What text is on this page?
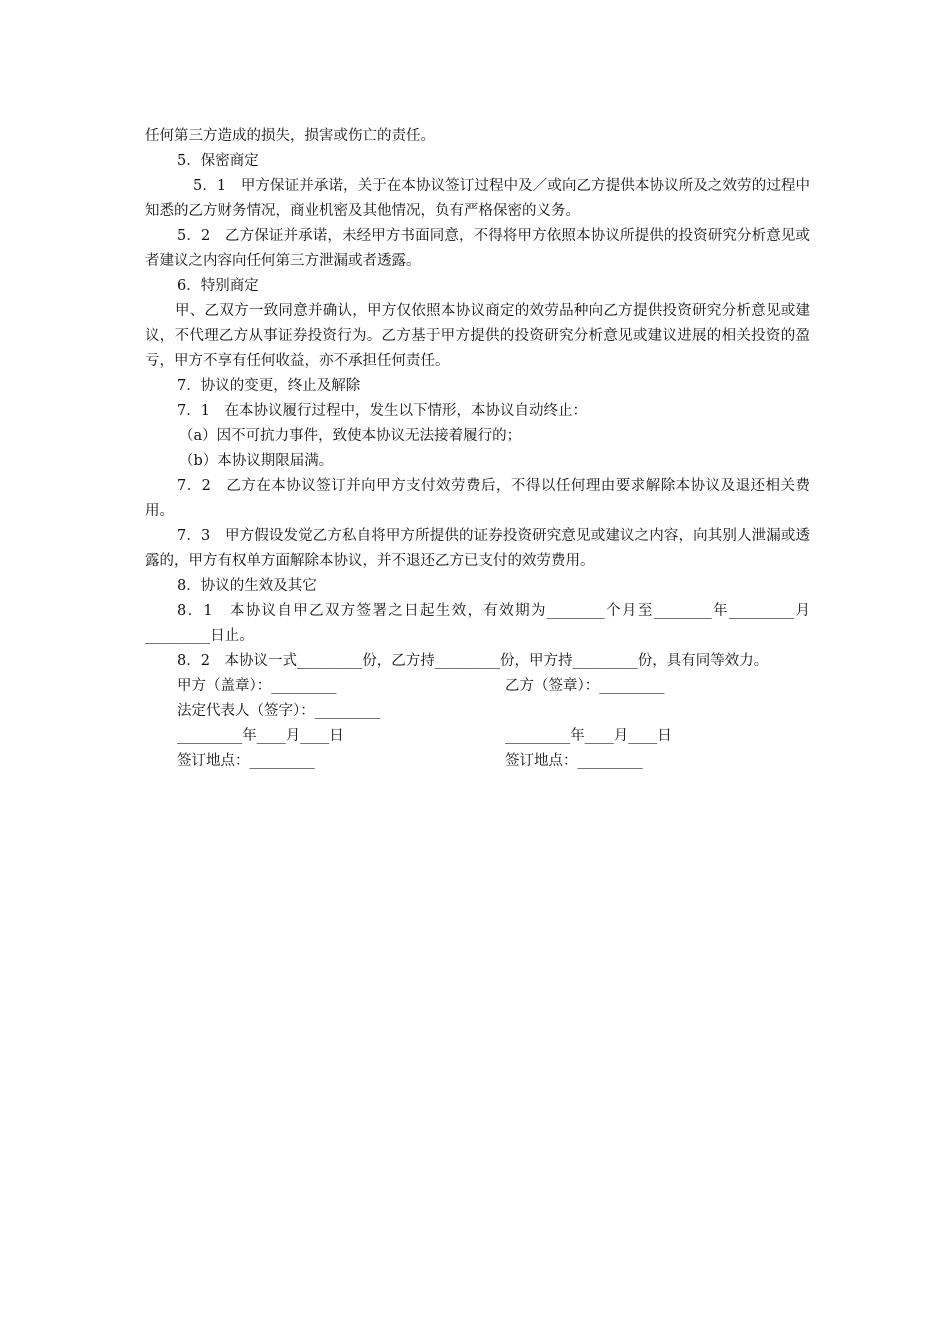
任何第三方造成的损失，损害或伤亡的责任。
5．保密商定
5．1　甲方保证并承诺，关于在本协议签订过程中及／或向乙方提供本协议所及之效劳的过程中知悉的乙方财务情况，商业机密及其他情况，负有严格保密的义务。
5．2　乙方保证并承诺，未经甲方书面同意，不得将甲方依照本协议所提供的投资研究分析意见或者建议之内容向任何第三方泄漏或者透露。
6．特别商定
甲、乙双方一致同意并确认，甲方仅依照本协议商定的效劳品种向乙方提供投资研究分析意见或建议，不代理乙方从事证券投资行为。乙方基于甲方提供的投资研究分析意见或建议进展的相关投资的盈亏，甲方不享有任何收益，亦不承担任何责任。
7．协议的变更，终止及解除
7．1　在本协议履行过程中，发生以下情形，本协议自动终止：
（a）因不可抗力事件，致使本协议无法接着履行的；
（b）本协议期限届满。
7．2　乙方在本协议签订并向甲方支付效劳费后，不得以任何理由要求解除本协议及退还相关费用。
7．3　甲方假设发觉乙方私自将甲方所提供的证券投资研究意见或建议之内容，向其别人泄漏或透露的，甲方有权单方面解除本协议，并不退还乙方已支付的效劳费用。
8．协议的生效及其它
8．1　本协议自甲乙双方签署之日起生效，有效期为________个月至________年_________月_________日止。
8．2　本协议一式_________份，乙方持_________份，甲方持_________份，具有同等效力。
甲方（盖章）：_________	乙方（签章）：_________
法定代表人（签字）：_________
_________年____月____日	_________年____月____日
签订地点：_________	签订地点：_________
